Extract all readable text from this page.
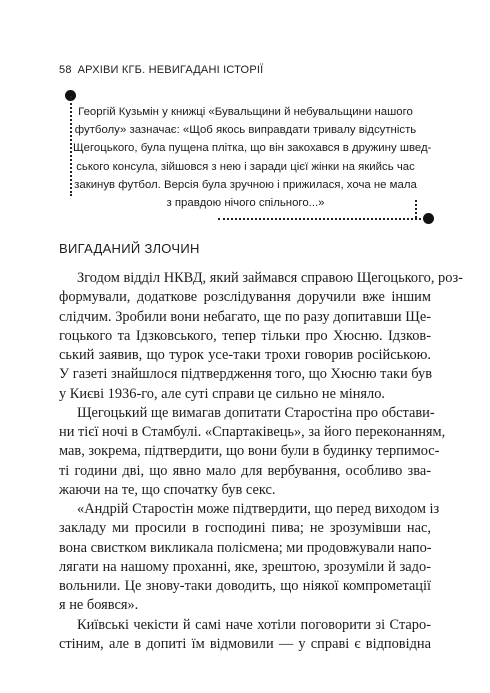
58 АРХІВИ КГБ. НЕВИГАДАНІ ІСТОРІЇ
Георгій Кузьмін у книжці «Бувальщини й небувальщини нашого
футболу» зазначає: «Щоб якось виправдати тривалу відсутність
Щегоцького, була пущена плітка, що він закохався в дружину швед-
ського консула, зійшовся з нею і заради цієї жінки на якийсь час
закинув футбол. Версія була зручною і прижилася, хоча не мала
з правдою нічого спільного...»
ВИГАДАНИЙ ЗЛОЧИН
Згодом відділ НКВД, який займався справою Щегоцького, роз-
формували, додаткове розслідування доручили вже іншим
слідчим. Зробили вони небагато, ще по разу допитавши Ще-
гоцького та Ідзковського, тепер тільки про Хюсню. Ідзков-
ський заявив, що турок усе-таки трохи говорив російською.
У газеті знайшлося підтвердження того, що Хюсню таки був
у Києві 1936-го, але суті справи це сильно не міняло.
Щегоцький ще вимагав допитати Старостіна про обстави-
ни тієї ночі в Стамбулі. «Спартаківець», за його переконанням,
мав, зокрема, підтвердити, що вони були в будинку терпимос-
ті години дві, що явно мало для вербування, особливо зва-
жаючи на те, що спочатку був секс.
«Андрій Старостін може підтвердити, що перед виходом із
закладу ми просили в господині пива; не зрозумівши нас,
вона свистком викликала полісмена; ми продовжували напо-
лягати на нашому проханні, яке, зрештою, зрозуміли й задо-
вольнили. Це знову-таки доводить, що ніякої компрометації
я не боявся».
Київські чекісти й самі наче хотіли поговорити зі Старо-
стіним, але в допиті їм відмовили — у справі є відповідна
